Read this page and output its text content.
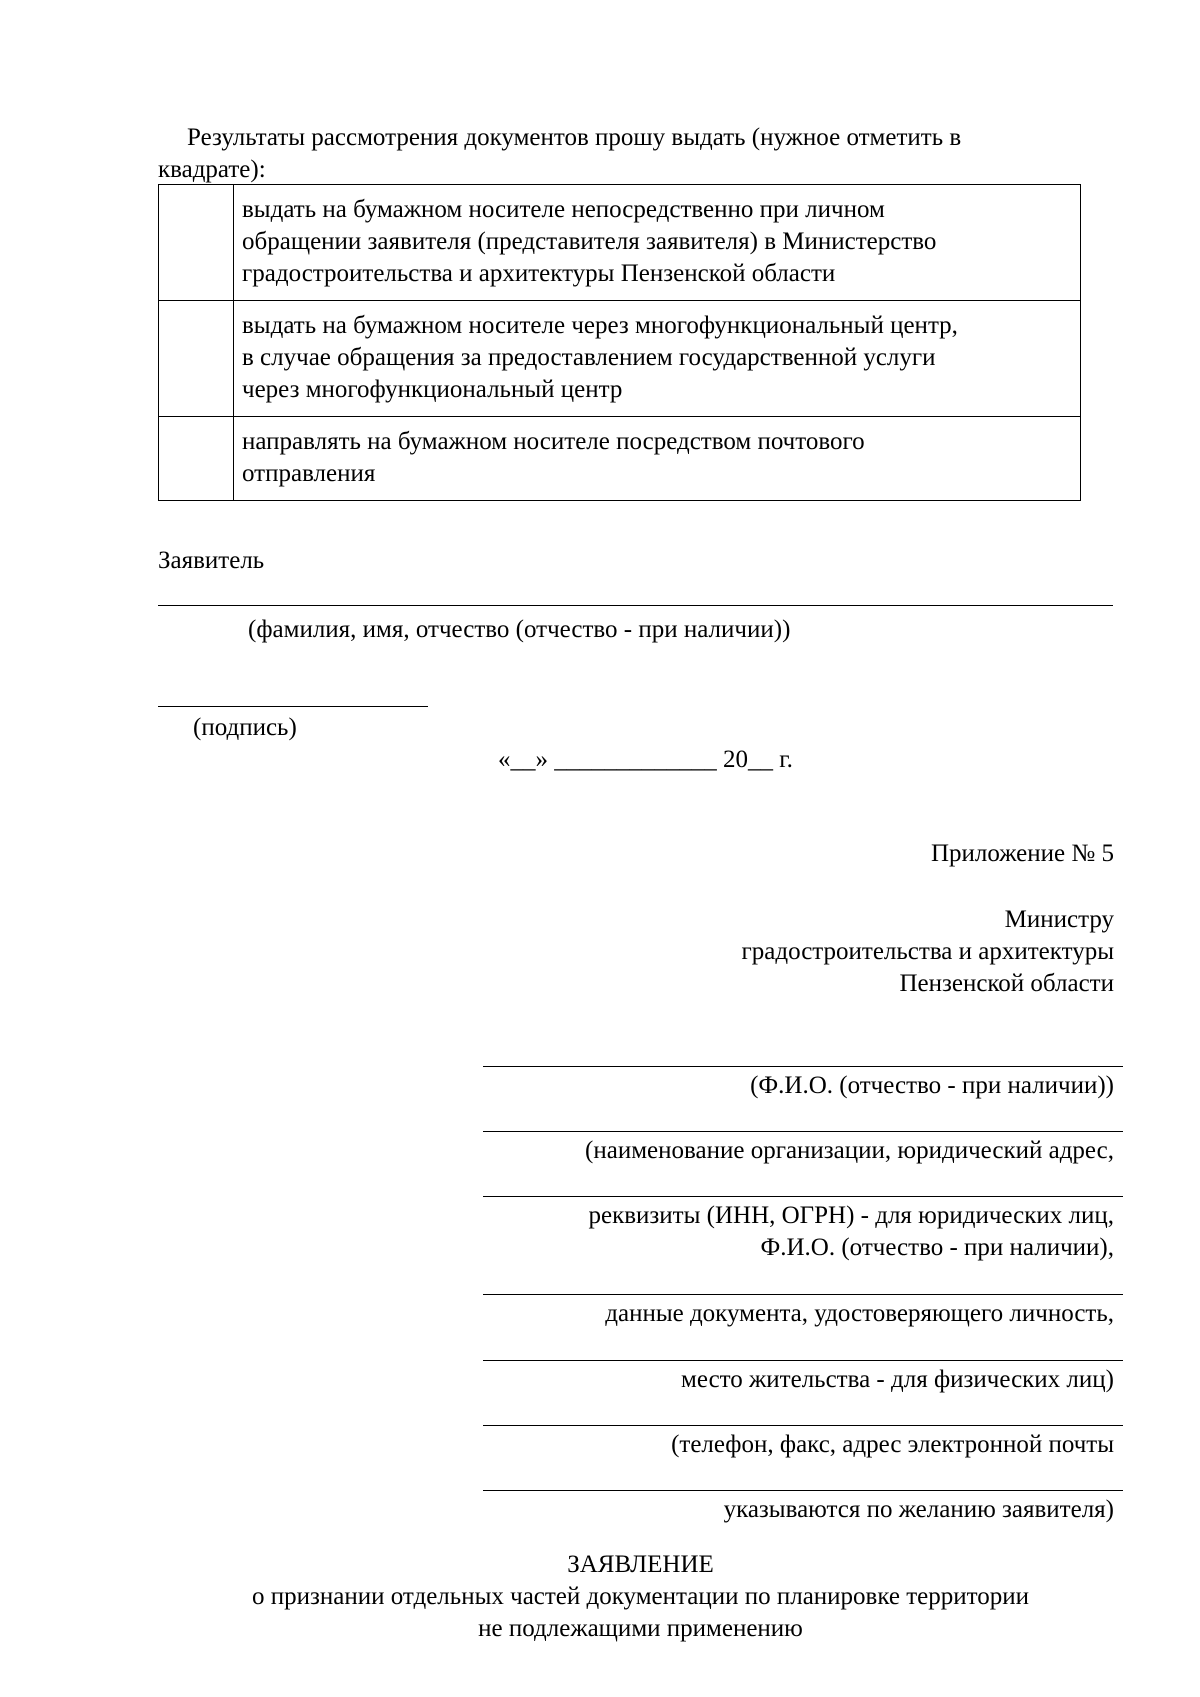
Результаты рассмотрения документов прошу выдать (нужное отметить в
квадрате):

	выдать на бумажном носителе непосредственно при личном
обращении заявителя (представителя заявителя) в Министерство
градостроительства и архитектуры Пензенской области

	выдать на бумажном носителе через многофункциональный центр,
в случае обращения за предоставлением государственной услуги
через многофункциональный центр

	направлять на бумажном носителе посредством почтового
отправления
Заявитель
(фамилия, имя, отчество (отчество - при наличии))
(подпись)
«__» _____________ 20__ г.
Приложение № 5
Министру
градостроительства и архитектуры
Пензенской области
(Ф.И.О. (отчество - при наличии))
(наименование организации, юридический адрес,
реквизиты (ИНН, ОГРН) - для юридических лиц,
Ф.И.О. (отчество - при наличии),
данные документа, удостоверяющего личность,
место жительства - для физических лиц)
(телефон, факс, адрес электронной почты
указываются по желанию заявителя)
ЗАЯВЛЕНИЕ
о признании отдельных частей документации по планировке территории
не подлежащими применению
